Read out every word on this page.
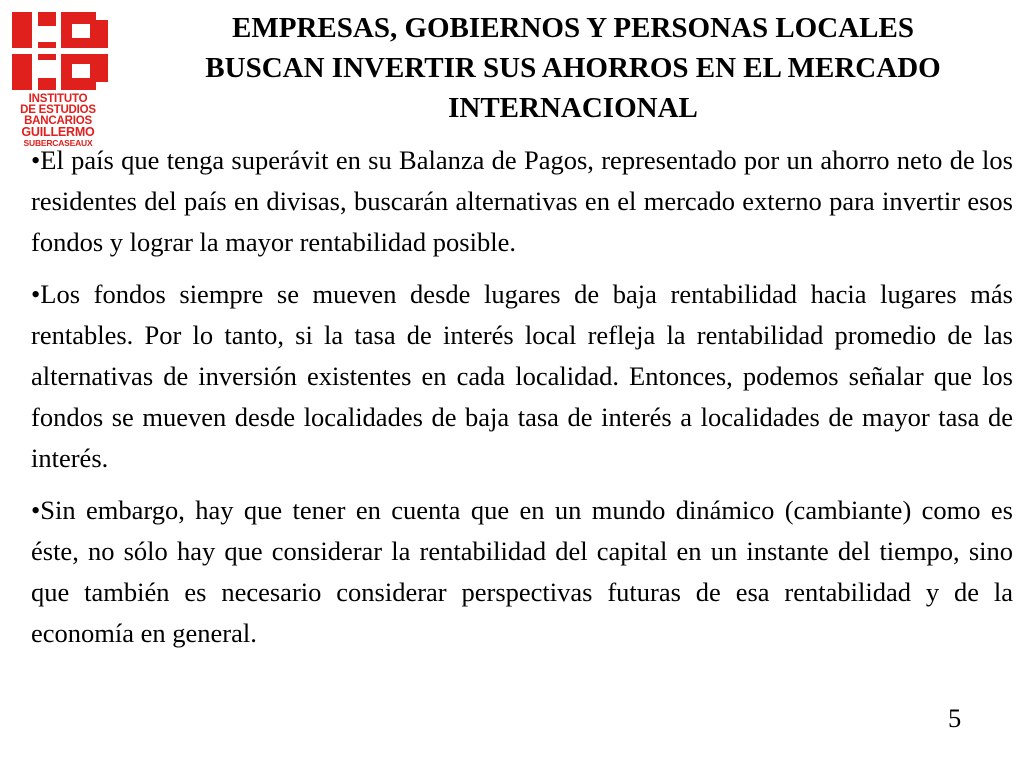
INSTITUTO
DE ESTUDIOS
BANCARIOS
GUILLERMO
SUBERCASEAUX
EMPRESAS, GOBIERNOS Y PERSONAS LOCALES
BUSCAN INVERTIR SUS AHORROS EN EL MERCADO
INTERNACIONAL

•El país que tenga superávit en su Balanza de Pagos, representado por un ahorro neto de los residentes del país en divisas, buscarán alternativas en el mercado externo para invertir esos fondos y lograr la mayor rentabilidad posible.

•Los fondos siempre se mueven desde lugares de baja rentabilidad hacia lugares más rentables. Por lo tanto, si la tasa de interés local refleja la rentabilidad promedio de las alternativas de inversión existentes en cada localidad. Entonces, podemos señalar que los fondos se mueven desde localidades de baja tasa de interés a localidades de mayor tasa de interés.

•Sin embargo, hay que tener en cuenta que en un mundo dinámico (cambiante) como es éste, no sólo hay que considerar la rentabilidad del capital en un instante del tiempo, sino que también es necesario considerar perspectivas futuras de esa rentabilidad y de la economía en general.

5
